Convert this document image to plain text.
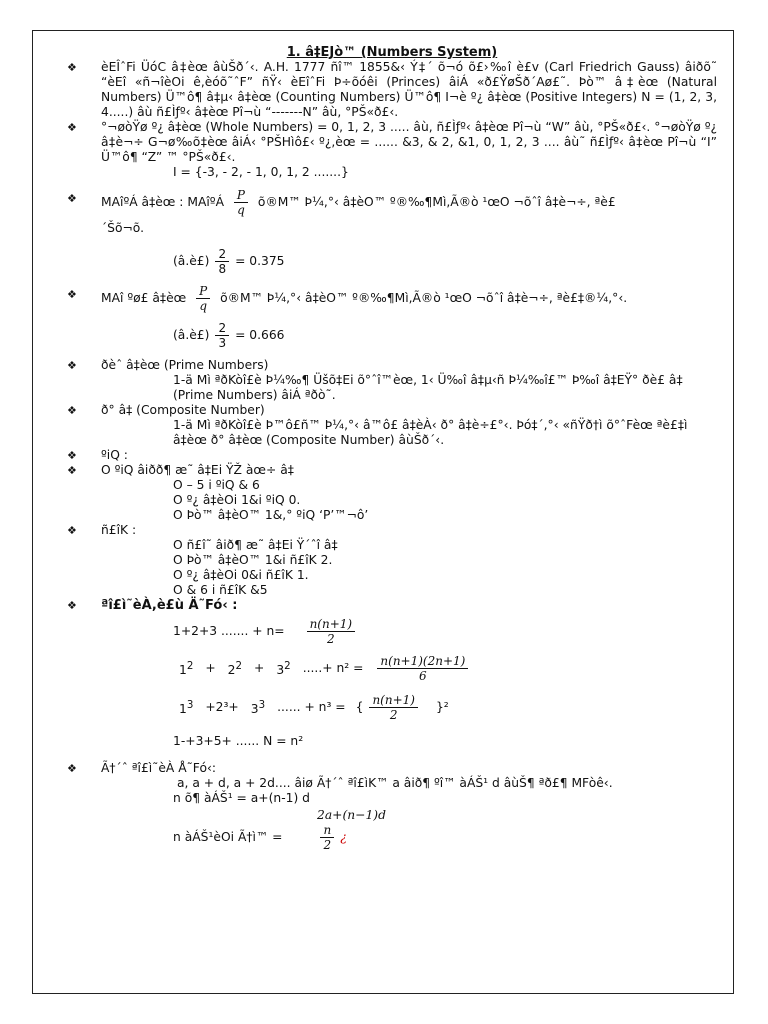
1. â‡EJò™ (Numbers System)
❖	èEÎˆFi ÜóC â‡èœ âùŠð´‹. A.H. 1777 ñî™ 1855&‹ Ý‡´ õ¬ó õ£›‰î è£v (Carl Friedrich Gauss) âiðõ˜ “èEî «ñ¬îèOi ê‚èóõ˜ˆF” ñŸ‹ èEîˆFi Þ÷õóêi (Princes) âiÁ «ð£ŸøŠð´Aø£˜. Þò™ â‡èœ (Natural Numbers) Ü™ô¶ â‡µ‹ â‡èœ (Counting Numbers) Ü™ô¶ I¬è º¿ â‡èœ (Positive Integers) N = (1, 2, 3, 4.....) âù ñ£Ìƒº‹ â‡èœ Pî¬ù “-------N” âù, °PŠ«ð£‹.
❖	°¬øòŸø º¿ â‡èœ (Whole Numbers) = 0, 1, 2, 3 ..... âù, ñ£Ìƒº‹ â‡èœ Pî¬ù “W” âù, °PŠ«ð£‹. °¬øòŸø º¿ â‡è¬÷ G¬ø‰õ‡èœ âiÁ‹ °PŠHìô£‹ º¿,èœ = ...... &3, & 2, &1, 0, 1, 2, 3 .... âù˜ ñ£Ìƒº‹ â‡èœ Pî¬ù “I” Ü™ô¶ “Z” ™ °PŠ«ð£‹.
I = {-3, - 2, - 1, 0, 1, 2 .......}
❖	MAîºÁ â‡èœ : MAîºÁ $\frac{P}{q}$ õ®M™ Þ¼,°‹ â‡èO™ º®‰¶Mì,Ã®ò ¹œO ¬õˆî â‡è¬÷, ªè£
´Šõ¬õ.
(â.è£) $\frac{2}{8} = 0.375$
❖	MAî ºø£ â‡èœ $\frac{P}{q}$ õ®M™ Þ¼,°‹ â‡èO™ º®‰¶Mì,Ã®ò ¹œO ¬õˆî â‡è¬÷, ªè£‡®¼,°‹.
(â.è£) $\frac{2}{3} = 0.666$
❖	ðèˆ â‡èœ (Prime Numbers)
1-ä Mì ªðKòî£è Þ¼‰¶ Üšõ‡Ei õ°ˆî™èœ, 1‹ Ü‰î â‡µ‹ñ Þ¼‰î£™ Þ‰î â‡EŸ° ðè£ â‡ (Prime Numbers) âiÁ ªðò˜.
❖	ð° â‡ (Composite Number)
1-ä Mì ªðKòî£è Þ™ô£ñ™ Þ¼,°‹ â™ô£ â‡èÀ‹ ð° â‡è÷£°‹. Þó‡´,°‹ «ñŸð†ì õ°ˆFèœ ªè£‡ì â‡èœ ð° â‡èœ (Composite Number) âùŠð´‹.
❖	ºiQ :
❖	O ºiQ âiðð¶ æ˜ â‡Ei ŸŽ àœ÷ â‡
O – 5 i ºiQ & 6
O º¿ â‡èOi 1&i ºiQ 0.
O Þò™ â‡èO™ 1&,° ºiQ ‘P’™¬ô’
❖	ñ£îK :
O ñ£î˜ âið¶ æ˜ â‡Ei Ÿ´ˆî â‡
O Þò™ â‡èO™ 1&i ñ£îK 2.
O º¿ â‡èOi 0&i ñ£îK 1.
O & 6 i ñ£îK &5
❖	ªî£ì˜èÀ,è£ù Ä˜Fó‹ :
1+2+3 ....... + $n= \frac{n(n+1)}{2}$
$1^2 + 2^2 + 3^2$ .....+ $n^2 = \frac{n(n+1)(2n+1)}{6}$
$1^3 +2^3+ 3^3$ ...... + n³ = { $\frac{n(n+1)}{2} \}^2$
1-+3+5+ ...... N = n²
❖	Ã†´ˆ ªî£ì˜èÀ Å˜Fó‹:
a, a + d, a + 2d.... âiø Ã†´ˆ ªî£ìK™ a âið¶ ºî™ àÁŠ¹ d âùŠ¶ ªð£¶ MFòê‹.
n õ¶ àÁŠ¹ = a+(n-1) d
2a+(n−1)d
n àÁŠ¹èOi Ã†ì™ =	$\frac{n}{2}$ ¿
